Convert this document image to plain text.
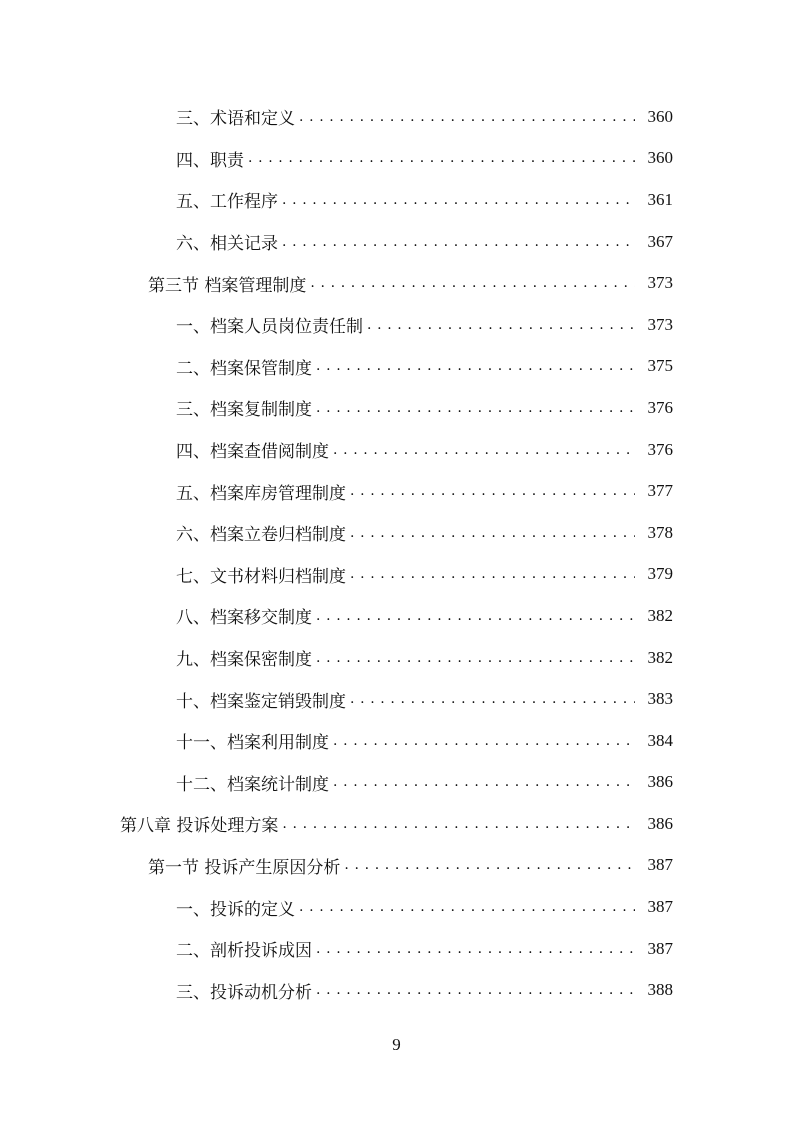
三、术语和定义 . . .	360
四、职责 . . .	360
五、工作程序 . . .	361
六、相关记录 . . .	367
第三节 档案管理制度 . . .	373
一、档案人员岗位责任制 . . .	373
二、档案保管制度 . . .	375
三、档案复制制度 . . .	376
四、档案查借阅制度 . . .	376
五、档案库房管理制度 . . .	377
六、档案立卷归档制度 . . .	378
七、文书材料归档制度 . . .	379
八、档案移交制度 . . .	382
九、档案保密制度 . . .	382
十、档案鉴定销毁制度 . . .	383
十一、档案利用制度 . . .	384
十二、档案统计制度 . . .	386
第八章 投诉处理方案 . . .	386
第一节 投诉产生原因分析 . . .	387
一、投诉的定义 . . .	387
二、剖析投诉成因 . . .	387
三、投诉动机分析 . . .	388
9
